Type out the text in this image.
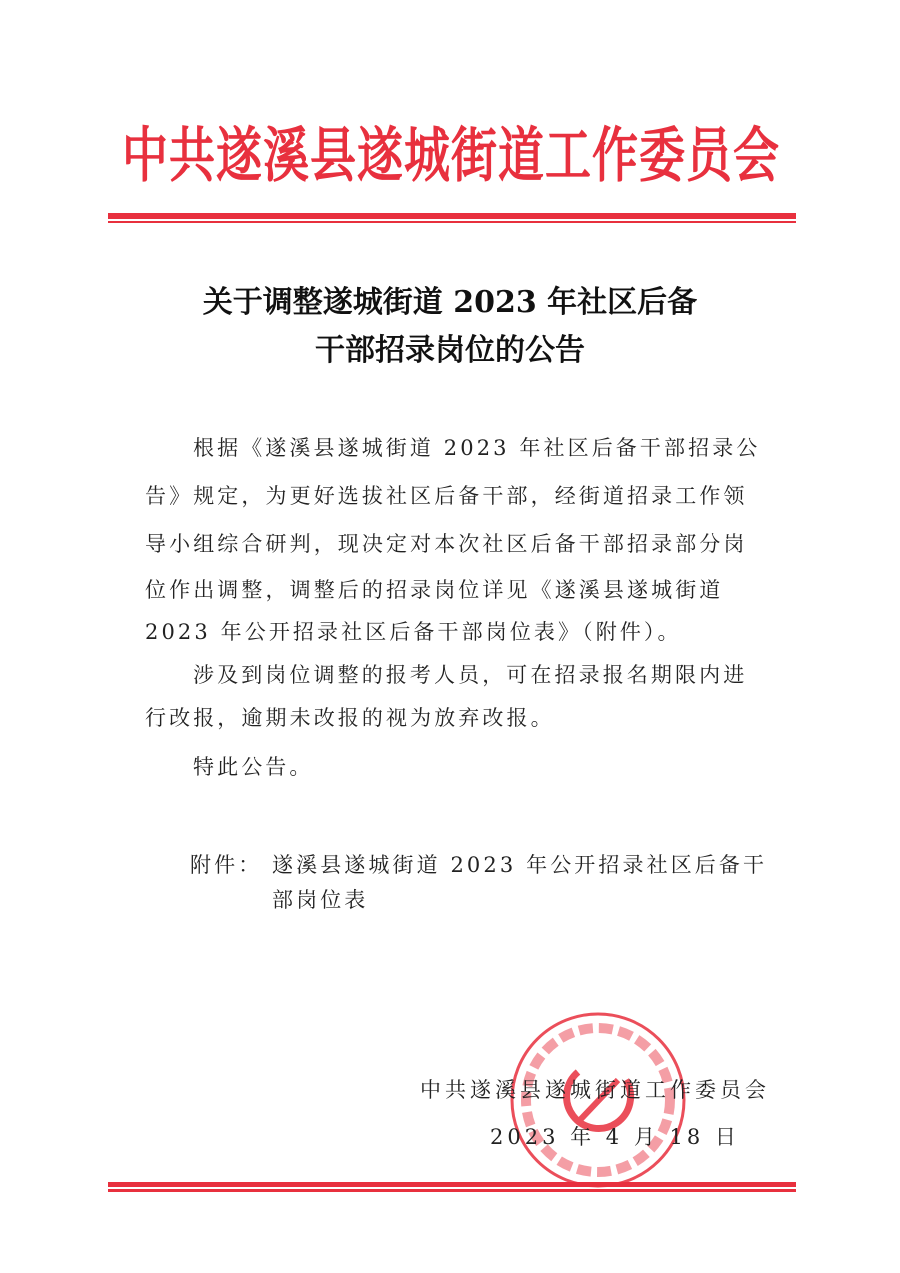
中共遂溪县遂城街道工作委员会
关于调整遂城街道 2023 年社区后备
干部招录岗位的公告
根据《遂溪县遂城街道 2023 年社区后备干部招录公
告》规定，为更好选拔社区后备干部，经街道招录工作领
导小组综合研判，现决定对本次社区后备干部招录部分岗
位作出调整，调整后的招录岗位详见《遂溪县遂城街道
2023 年公开招录社区后备干部岗位表》（附件）。
涉及到岗位调整的报考人员，可在招录报名期限内进
行改报，逾期未改报的视为放弃改报。
特此公告。
附件： 遂溪县遂城街道 2023 年公开招录社区后备干
部岗位表
中共遂溪县遂城街道工作委员会
2023 年 4 月 18 日
